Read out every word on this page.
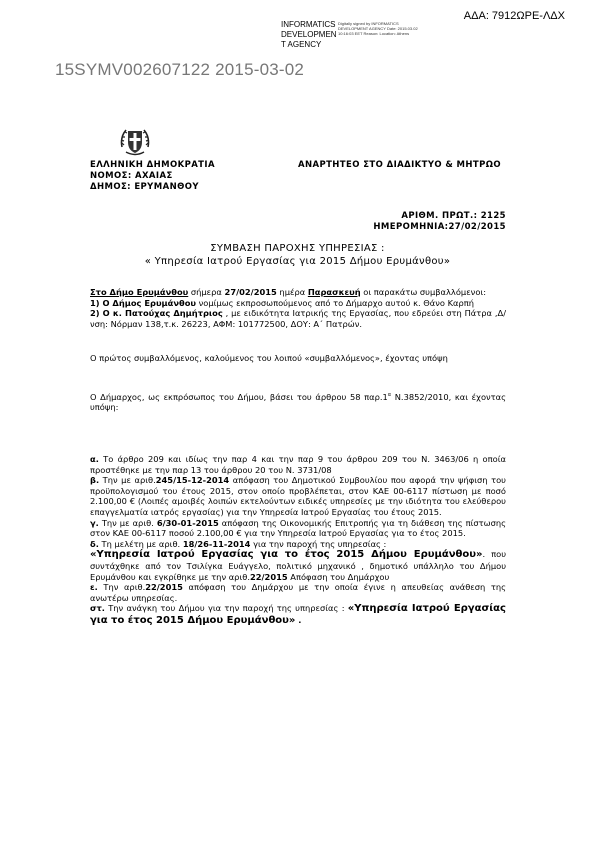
ΑΔΑ: 7912ΩΡΕ-ΛΔΧ
INFORMATICS DEVELOPMEN T AGENCY
Digitally signed by INFORMATICS DEVELOPMENT AGENCY Date: 2015.03.02 10:16:03 EET Reason: Location: Athens
15SYMV002607122 2015-03-02
ΕΛΛΗΝΙΚΗ ΔΗΜΟΚΡΑΤΙΑ
ΝΟΜΟΣ: ΑΧΑΙΑΣ
ΔΗΜΟΣ: ΕΡΥΜΑΝΘΟΥ
ΑΝΑΡΤΗΤΕΟ ΣΤΟ ΔΙΑΔΙΚΤΥΟ & ΜΗΤΡΩΟ
ΑΡΙΘΜ. ΠΡΩΤ.: 2125
ΗΜΕΡΟΜΗΝΙΑ:27/02/2015
ΣΥΜΒΑΣΗ ΠΑΡΟΧΗΣ ΥΠΗΡΕΣΙΑΣ :
« Υπηρεσία Ιατρού Εργασίας για 2015 Δήμου Ερυμάνθου»

Στο Δήμο Ερυμάνθου σήμερα 27/02/2015 ημέρα Παρασκευή οι παρακάτω συμβαλλόμενοι:

1) Ο Δήμος Ερυμάνθου νομίμως εκπροσωπούμενος από το Δήμαρχο αυτού κ. Θάνο Καρπή

2) Ο κ. Πατούχας Δημήτριος , με ειδικότητα Ιατρικής της Εργασίας, που εδρεύει στη Πάτρα ,Δ/νση: Νόρμαν 138,τ.κ. 26223, ΑΦΜ: 101772500, ΔΟΥ: Α΄ Πατρών.

Ο πρώτος συμβαλλόμενος, καλούμενος του λοιπού «συμβαλλόμενος», έχοντας υπόψη

Ο Δήμαρχος, ως εκπρόσωπος του Δήμου, βάσει του άρθρου 58 $\pi\alpha\rho.1^\alpha$ Ν.3852/2010, και έχοντας υπόψη:

α. Το άρθρο 209 και ιδίως την παρ 4 και την παρ 9 του άρθρου 209 του Ν. 3463/06 η οποία προστέθηκε με την παρ 13 του άρθρου 20 του Ν. 3731/08

β. Την με αριθ.245/15-12-2014 απόφαση του Δημοτικού Συμβουλίου που αφορά την ψήφιση του προϋπολογισμού του έτους 2015, στον οποίο προβλέπεται, στον ΚΑΕ 00-6117 πίστωση με ποσό 2.100,00 € (Λοιπές αμοιβές λοιπών εκτελούντων ειδικές υπηρεσίες με την ιδιότητα του ελεύθερου επαγγελματία ιατρός εργασίας) για την Υπηρεσία Ιατρού Εργασίας του έτους 2015.

γ. Την με αριθ. 6/30-01-2015 απόφαση της Οικονομικής Επιτροπής για τη διάθεση της πίστωσης στον ΚΑΕ 00-6117 ποσού 2.100,00 € για την Υπηρεσία Ιατρού Εργασίας για το έτος 2015.

δ. Τη μελέτη με αριθ. 18/26-11-2014 για την παροχή της υπηρεσίας :
«Υπηρεσία Ιατρού Εργασίας για το έτος 2015 Δήμου Ερυμάνθου». που συντάχθηκε από τον Τσιλίγκα Ευάγγελο, πολιτικό μηχανικό , δημοτικό υπάλληλο του Δήμου Ερυμάνθου και εγκρίθηκε με την αριθ.22/2015 Απόφαση του Δημάρχου

ε. Την αριθ.22/2015 απόφαση του Δημάρχου με την οποία έγινε η απευθείας ανάθεση της ανωτέρω υπηρεσίας.

στ. Την ανάγκη του Δήμου για την παροχή της υπηρεσίας : «Υπηρεσία Ιατρού Εργασίας για το έτος 2015 Δήμου Ερυμάνθου» .
